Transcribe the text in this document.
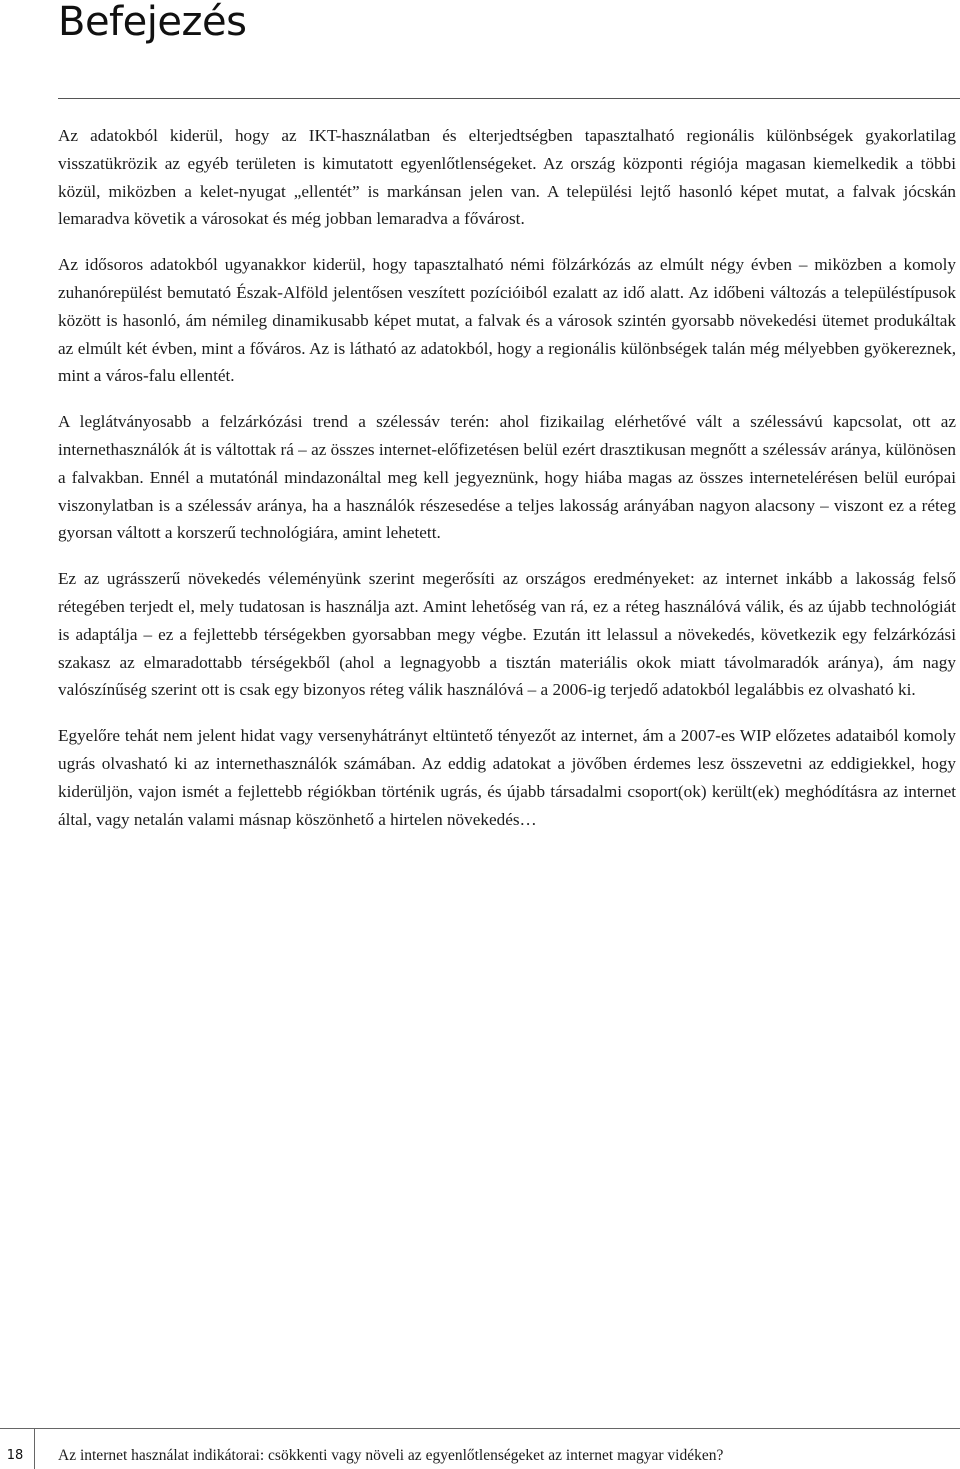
Befejezés

Az adatokból kiderül, hogy az IKT-használatban és elterjedtségben tapasztalható regionális különbségek gyakorlatilag visszatükrözik az egyéb területen is kimutatott egyenlőtlenségeket. Az ország központi régiója magasan kiemelkedik a többi közül, miközben a kelet-nyugat „ellentét” is markánsan jelen van. A települési lejtő hasonló képet mutat, a falvak jócskán lemaradva követik a városokat és még jobban lemaradva a fővárost.

Az idősoros adatokból ugyanakkor kiderül, hogy tapasztalható némi fölzárkózás az elmúlt négy évben – miközben a komoly zuhanórepülést bemutató Észak-Alföld jelentősen veszített pozícióiból ezalatt az idő alatt. Az időbeni változás a településtípusok között is hasonló, ám némileg dinamikusabb képet mutat, a falvak és a városok szintén gyorsabb növekedési ütemet produkáltak az elmúlt két évben, mint a főváros. Az is látható az adatokból, hogy a regionális különbségek talán még mélyebben gyökereznek, mint a város-falu ellentét.

A leglátványosabb a felzárkózási trend a szélessáv terén: ahol fizikailag elérhetővé vált a szélessávú kapcsolat, ott az internethasználók át is váltottak rá – az összes internet-előfizetésen belül ezért drasztikusan megnőtt a szélessáv aránya, különösen a falvakban. Ennél a mutatónál mindazonáltal meg kell jegyeznünk, hogy hiába magas az összes internetelérésen belül európai viszonylatban is a szélessáv aránya, ha a használók részesedése a teljes lakosság arányában nagyon alacsony – viszont ez a réteg gyorsan váltott a korszerű technológiára, amint lehetett.

Ez az ugrásszerű növekedés véleményünk szerint megerősíti az országos eredményeket: az internet inkább a lakosság felső rétegében terjedt el, mely tudatosan is használja azt. Amint lehetőség van rá, ez a réteg használóvá válik, és az újabb technológiát is adaptálja – ez a fejlettebb térségekben gyorsabban megy végbe. Ezután itt lelassul a növekedés, következik egy felzárkózási szakasz az elmaradottabb térségekből (ahol a legnagyobb a tisztán materiális okok miatt távolmaradók aránya), ám nagy valószínűség szerint ott is csak egy bizonyos réteg válik használóvá – a 2006-ig terjedő adatokból legalábbis ez olvasható ki.

Egyelőre tehát nem jelent hidat vagy versenyhátrányt eltüntető tényezőt az internet, ám a 2007-es WIP előzetes adataiból komoly ugrás olvasható ki az internethasználók számában. Az eddig adatokat a jövőben érdemes lesz összevetni az eddigiekkel, hogy kiderüljön, vajon ismét a fejlettebb régiókban történik ugrás, és újabb társadalmi csoport(ok) került(ek) meghódításra az internet által, vagy netalán valami másnap köszönhető a hirtelen növekedés…

18	Az internet használat indikátorai: csökkenti vagy növeli az egyenlőtlenségeket az internet magyar vidéken?
